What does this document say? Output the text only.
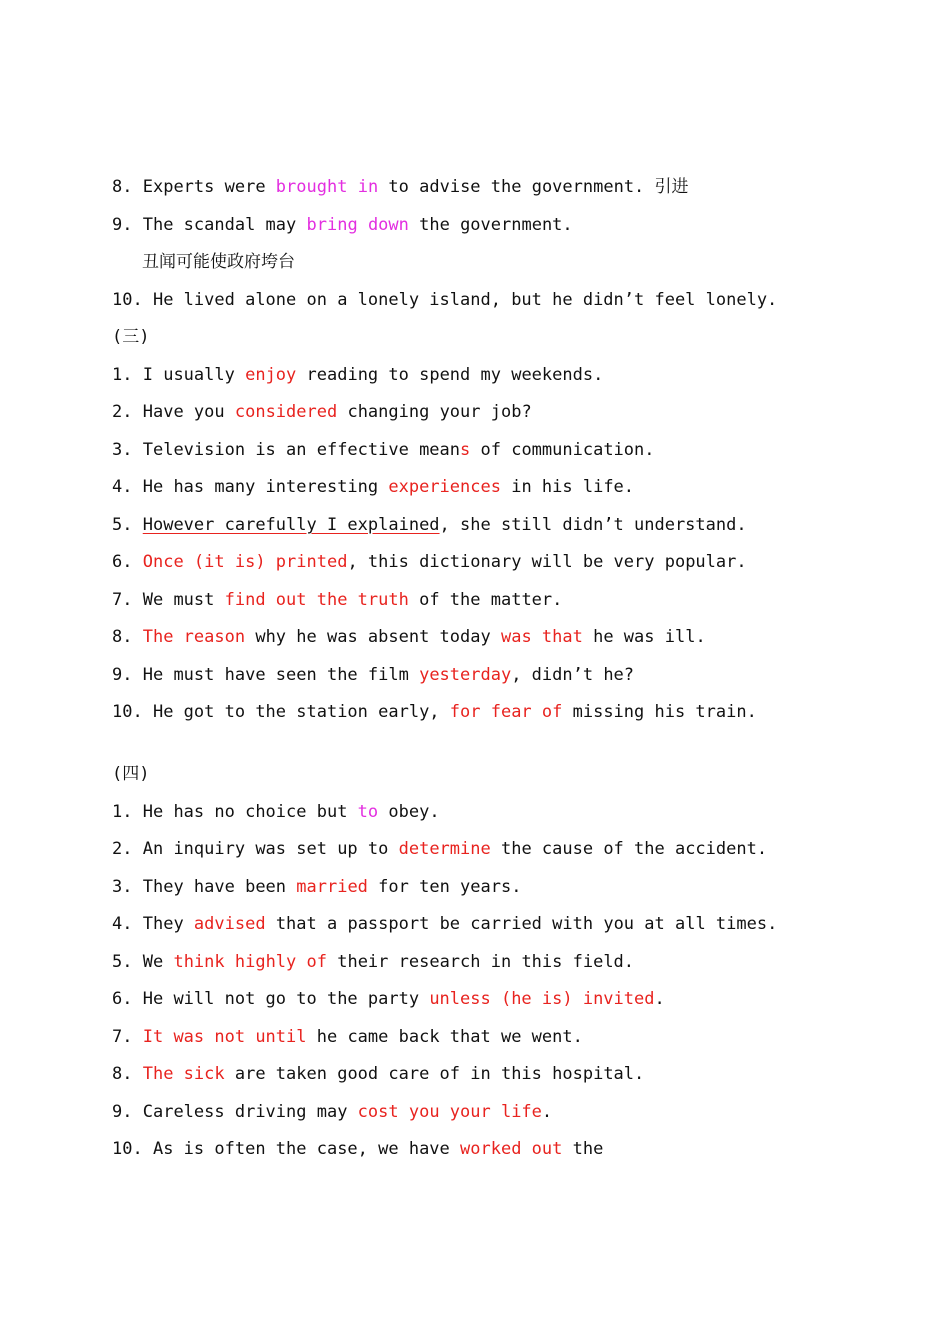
8. Experts were brought in to advise the government. 引进
9. The scandal may bring down the government.
丑闻可能使政府垮台
10. He lived alone on a lonely island, but he didn’t feel lonely.
(三)
1. I usually enjoy reading to spend my weekends.
2. Have you considered changing your job?
3. Television is an effective means of communication.
4. He has many interesting experiences in his life.
5. However carefully I explained, she still didn’t understand.
6. Once (it is) printed, this dictionary will be very popular.
7. We must find out the truth of the matter.
8. The reason why he was absent today was that he was ill.
9. He must have seen the film yesterday, didn’t he?
10. He got to the station early, for fear of missing his train.
(四)
1. He has no choice but to obey.
2. An inquiry was set up to determine the cause of the accident.
3. They have been married for ten years.
4. They advised that a passport be carried with you at all times.
5. We think highly of their research in this field.
6. He will not go to the party unless (he is) invited.
7. It was not until he came back that we went.
8. The sick are taken good care of in this hospital.
9. Careless driving may cost you your life.
10. As is often the case, we have worked out the
